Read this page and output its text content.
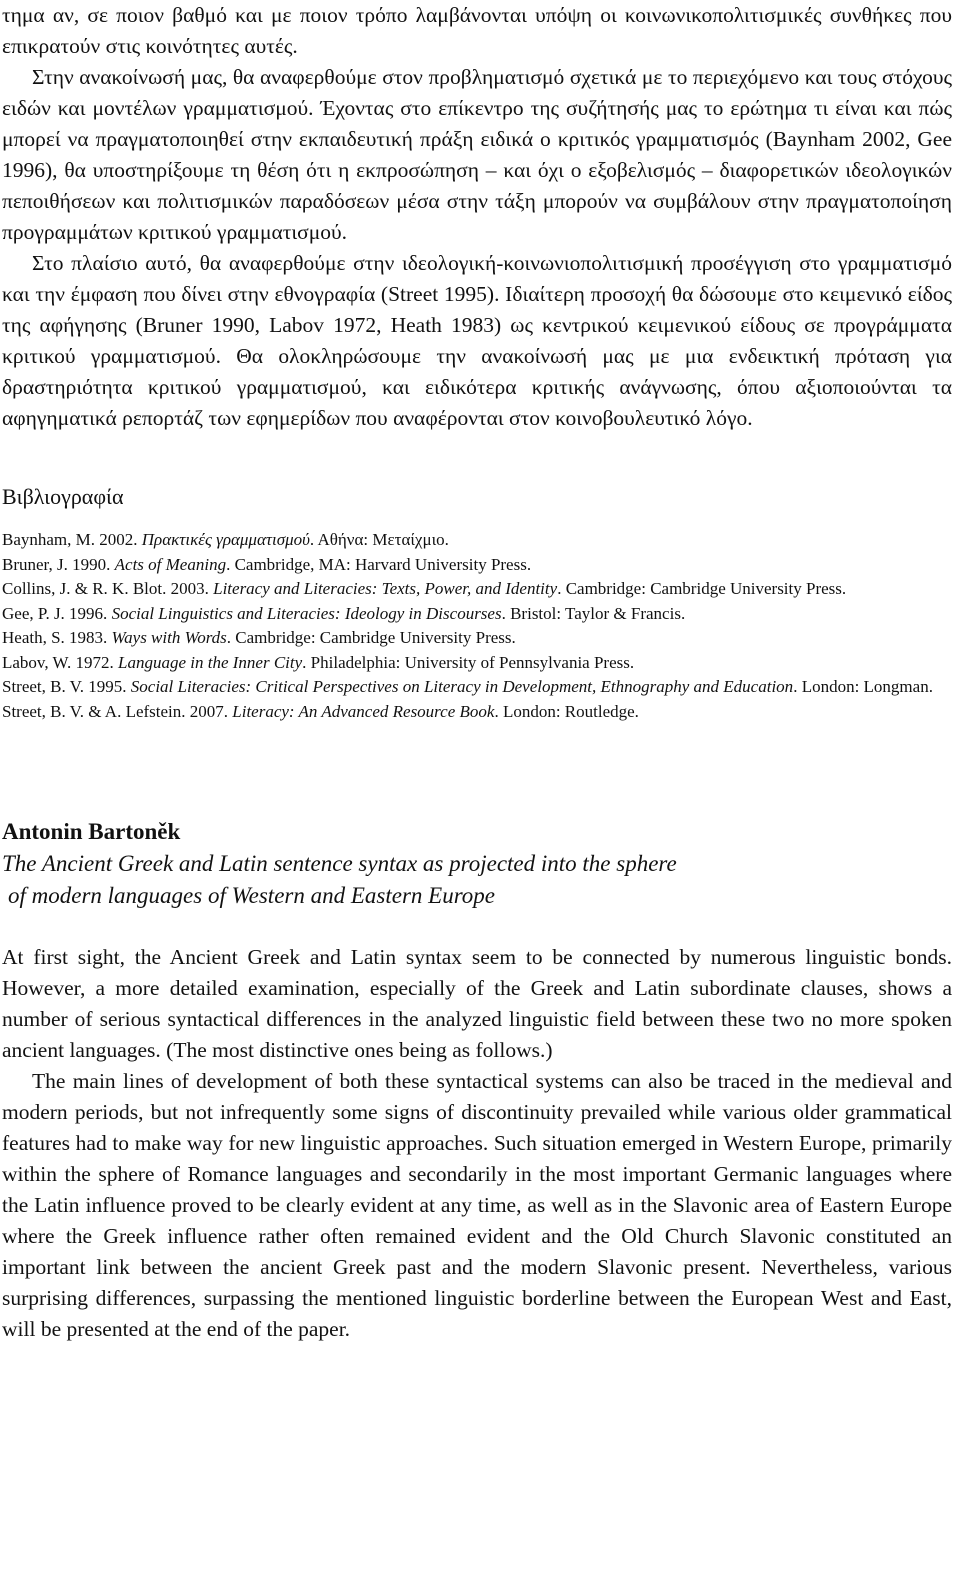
τημα αν, σε ποιον βαθμό και με ποιον τρόπο λαμβάνονται υπόψη οι κοινωνικοπολιτισμικές συνθήκες που επικρατούν στις κοινότητες αυτές.

Στην ανακοίνωσή μας, θα αναφερθούμε στον προβληματισμό σχετικά με το περιεχόμενο και τους στόχους ειδών και μοντέλων γραμματισμού. Έχοντας στο επίκεντρο της συζήτησής μας το ερώτημα τι είναι και πώς μπορεί να πραγματοποιηθεί στην εκπαιδευτική πράξη ειδικά ο κριτικός γραμματισμός (Baynham 2002, Gee 1996), θα υποστηρίξουμε τη θέση ότι η εκπροσώπηση – και όχι ο εξοβελισμός – διαφορετικών ιδεολογικών πεποιθήσεων και πολιτισμικών παραδόσεων μέσα στην τάξη μπορούν να συμβάλουν στην πραγματοποίηση προγραμμάτων κριτικού γραμματισμού.

Στο πλαίσιο αυτό, θα αναφερθούμε στην ιδεολογική-κοινωνιοπολιτισμική προσέγγιση στο γραμματισμό και την έμφαση που δίνει στην εθνογραφία (Street 1995). Ιδιαίτερη προσοχή θα δώσουμε στο κειμενικό είδος της αφήγησης (Bruner 1990, Labov 1972, Heath 1983) ως κεντρικού κειμενικού είδους σε προγράμματα κριτικού γραμματισμού. Θα ολοκληρώσουμε την ανακοίνωσή μας με μια ενδεικτική πρόταση για δραστηριότητα κριτικού γραμματισμού, και ειδικότερα κριτικής ανάγνωσης, όπου αξιοποιούνται τα αφηγηματικά ρεπορτάζ των εφημερίδων που αναφέρονται στον κοινοβουλευτικό λόγο.

Βιβλιογραφία
Baynham, M. 2002. Πρακτικές γραμματισμού. Αθήνα: Μεταίχμιο.
Bruner, J. 1990. Acts of Meaning. Cambridge, MA: Harvard University Press.
Collins, J. & R. K. Blot. 2003. Literacy and Literacies: Texts, Power, and Identity. Cambridge: Cambridge University Press.
Gee, P. J. 1996. Social Linguistics and Literacies: Ideology in Discourses. Bristol: Taylor & Francis.
Heath, S. 1983. Ways with Words. Cambridge: Cambridge University Press.
Labov, W. 1972. Language in the Inner City. Philadelphia: University of Pennsylvania Press.
Street, B. V. 1995. Social Literacies: Critical Perspectives on Literacy in Development, Ethnography and Education. London: Longman.
Street, B. V. & A. Lefstein. 2007. Literacy: An Advanced Resource Book. London: Routledge.
Antonin Bartoněk
The Ancient Greek and Latin sentence syntax as projected into the sphere
of modern languages of Western and Eastern Europe

At first sight, the Ancient Greek and Latin syntax seem to be connected by numerous linguistic bonds. However, a more detailed examination, especially of the Greek and Latin subordinate clauses, shows a number of serious syntactical differences in the analyzed linguistic field between these two no more spoken ancient languages. (The most distinctive ones being as follows.)

The main lines of development of both these syntactical systems can also be traced in the medieval and modern periods, but not infrequently some signs of discontinuity prevailed while various older grammatical features had to make way for new linguistic approaches. Such situation emerged in Western Europe, primarily within the sphere of Romance languages and secondarily in the most important Germanic languages where the Latin influence proved to be clearly evident at any time, as well as in the Slavonic area of Eastern Europe where the Greek influence rather often remained evident and the Old Church Slavonic constituted an important link between the ancient Greek past and the modern Slavonic present. Nevertheless, various surprising differences, surpassing the mentioned linguistic borderline between the European West and East, will be presented at the end of the paper.
